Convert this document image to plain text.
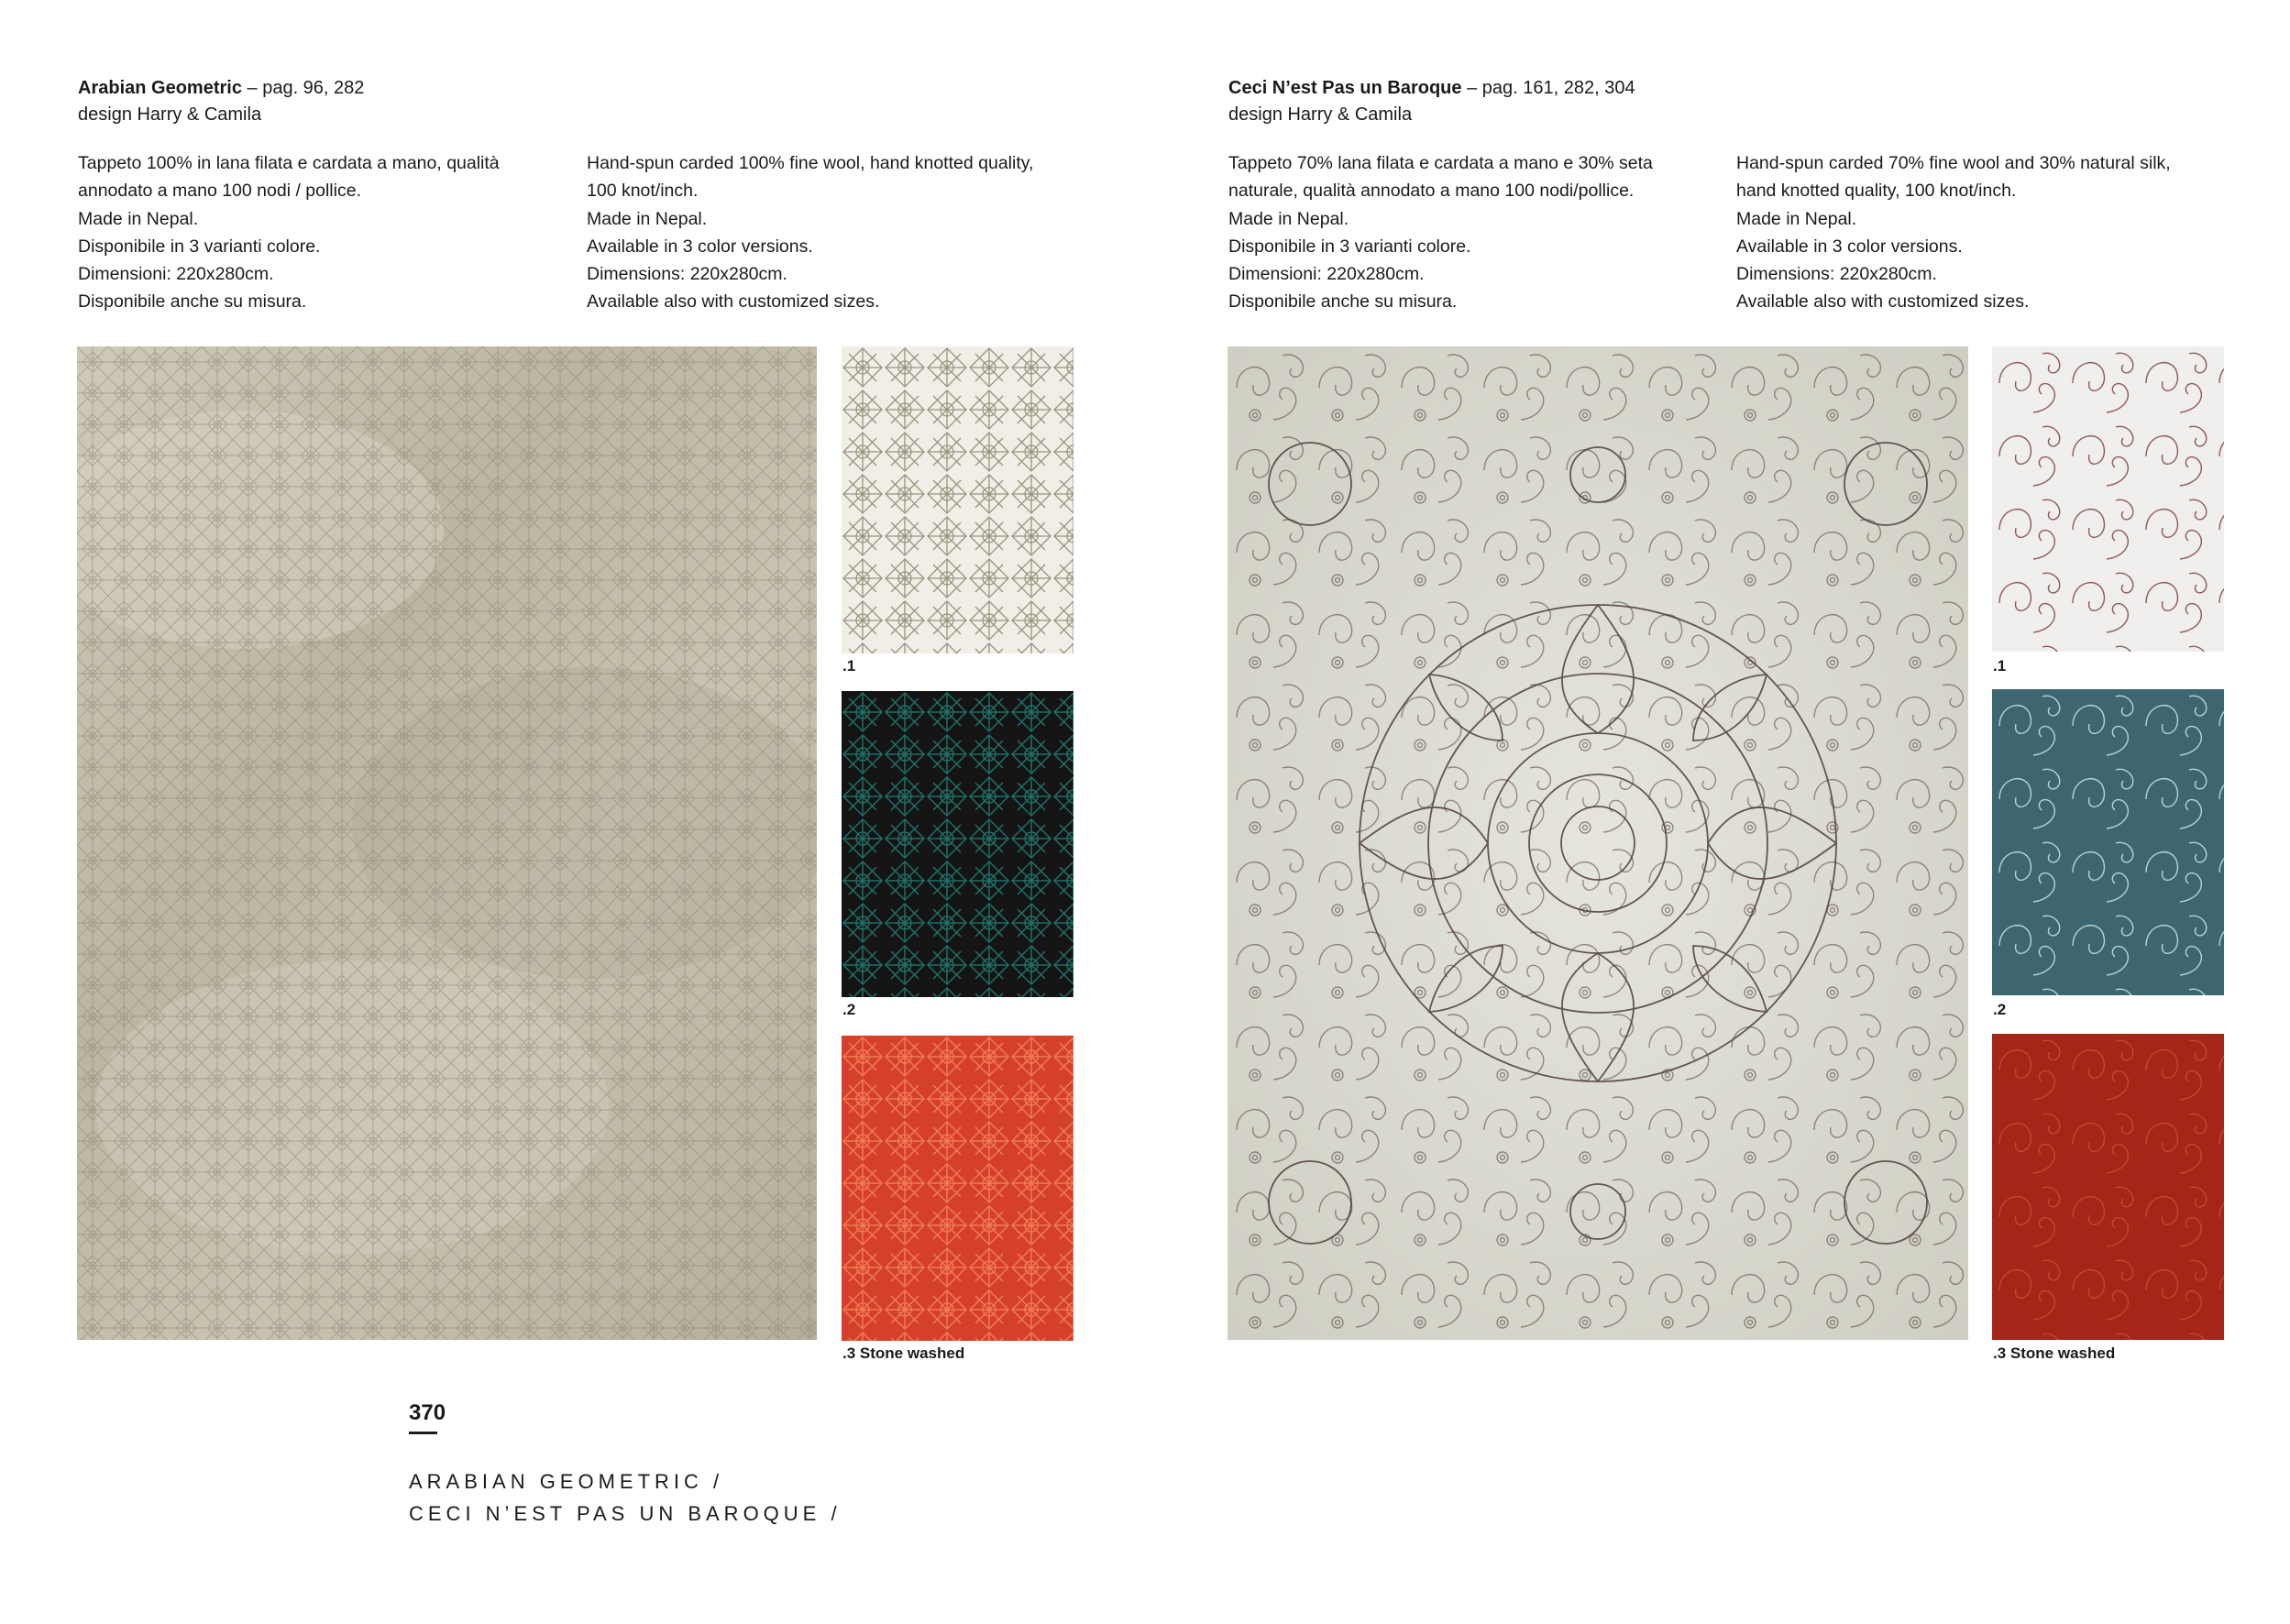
Arabian Geometric – pag. 96, 282
design Harry & Camila
Tappeto 100% in lana filata e cardata a mano, qualità
annodato a mano 100 nodi / pollice.
Made in Nepal.
Disponibile in 3 varianti colore.
Dimensioni: 220x280cm.
Disponibile anche su misura.
Hand-spun carded 100% fine wool, hand knotted quality,
100 knot/inch.
Made in Nepal.
Available in 3 color versions.
Dimensions: 220x280cm.
Available also with customized sizes.
.1
.2
.3 Stone washed
Ceci N’est Pas un Baroque – pag. 161, 282, 304
design Harry & Camila
Tappeto 70% lana filata e cardata a mano e 30% seta
naturale, qualità annodato a mano 100 nodi/pollice.
Made in Nepal.
Disponibile in 3 varianti colore.
Dimensioni: 220x280cm.
Disponibile anche su misura.
Hand-spun carded 70% fine wool and 30% natural silk,
hand knotted quality, 100 knot/inch.
Made in Nepal.
Available in 3 color versions.
Dimensions: 220x280cm.
Available also with customized sizes.
.1
.2
.3 Stone washed
370
ARABIAN GEOMETRIC /
CECI N’EST PAS UN BAROQUE /
